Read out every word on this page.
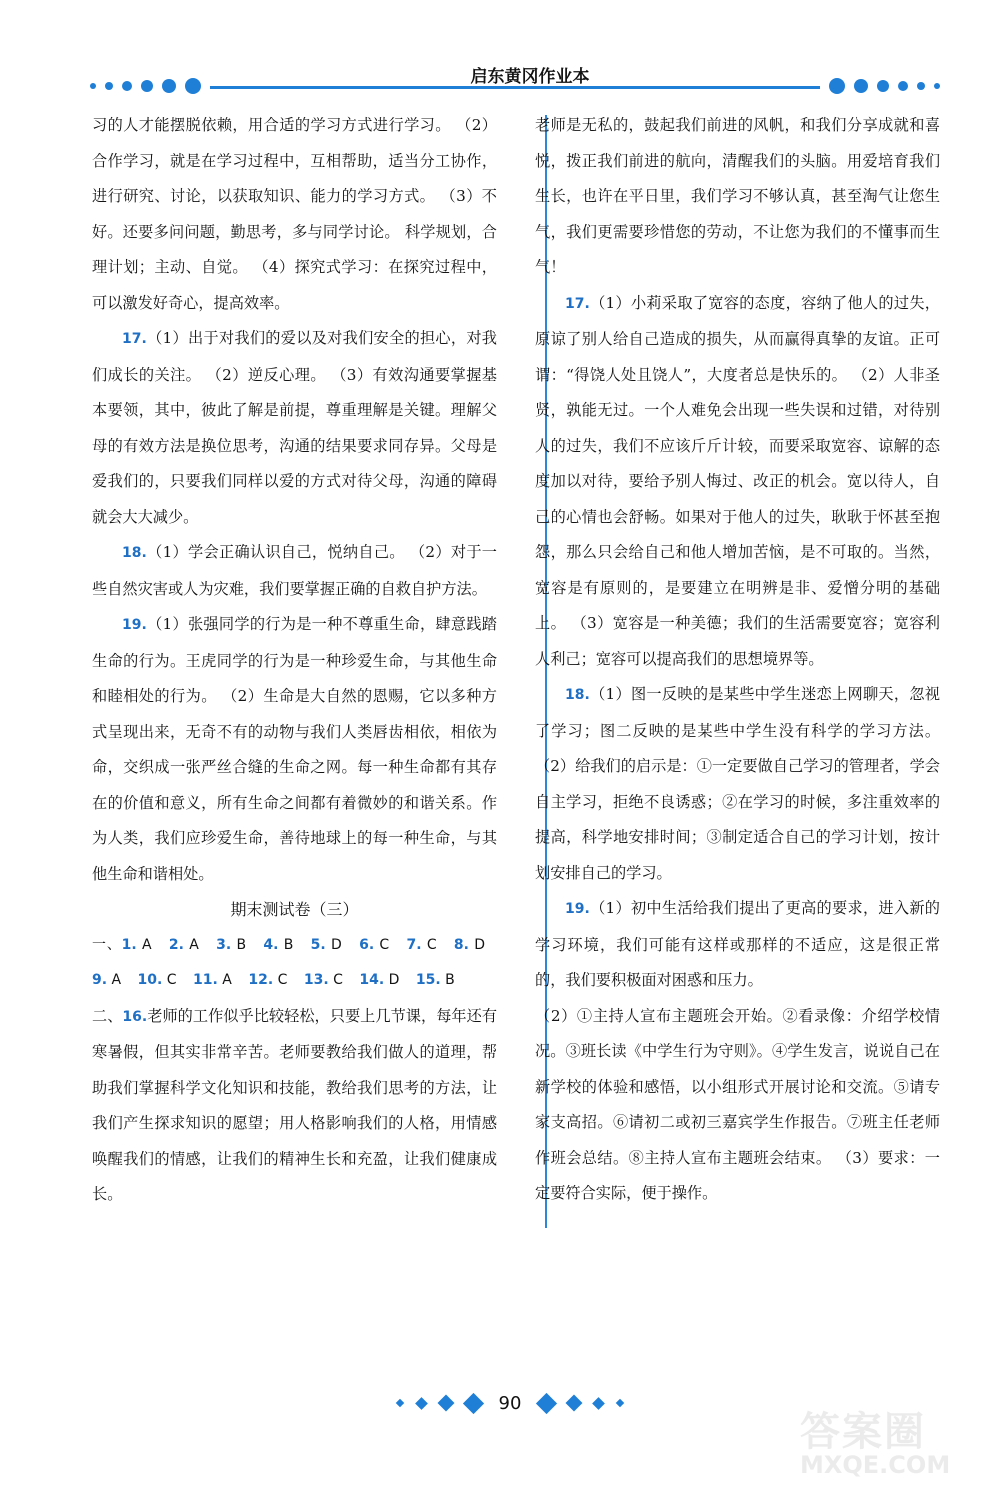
启东黄冈作业本

习的人才能摆脱依赖，用合适的学习方式进行学习。 （2）合作学习，就是在学习过程中，互相帮助，适当分工协作，进行研究、讨论，以获取知识、能力的学习方式。 （3）不好。还要多问问题，勤思考，多与同学讨论。 科学规划，合理计划；主动、自觉。 （4）探究式学习：在探究过程中，可以激发好奇心，提高效率。

17.（1）出于对我们的爱以及对我们安全的担心，对我们成长的关注。 （2）逆反心理。 （3）有效沟通要掌握基本要领，其中，彼此了解是前提，尊重理解是关键。理解父母的有效方法是换位思考，沟通的结果要求同存异。父母是爱我们的，只要我们同样以爱的方式对待父母，沟通的障碍就会大大减少。

18.（1）学会正确认识自己，悦纳自己。 （2）对于一些自然灾害或人为灾难，我们要掌握正确的自救自护方法。

19.（1）张强同学的行为是一种不尊重生命，肆意践踏生命的行为。王虎同学的行为是一种珍爱生命，与其他生命和睦相处的行为。 （2）生命是大自然的恩赐，它以多种方式呈现出来，无奇不有的动物与我们人类唇齿相依，相依为命，交织成一张严丝合缝的生命之网。每一种生命都有其存在的价值和意义，所有生命之间都有着微妙的和谐关系。作为人类，我们应珍爱生命，善待地球上的每一种生命，与其他生命和谐相处。

期末测试卷（三）

一、1. A 2. A 3. B 4. B 5. D 6. C 7. C 8. D 9. A 10. C 11. A 12. C 13. C 14. D 15. B

二、16.老师的工作似乎比较轻松，只要上几节课，每年还有寒暑假，但其实非常辛苦。老师要教给我们做人的道理，帮助我们掌握科学文化知识和技能，教给我们思考的方法，让我们产生探求知识的愿望；用人格影响我们的人格，用情感唤醒我们的情感，让我们的精神生长和充盈，让我们健康成长。

老师是无私的，鼓起我们前进的风帆，和我们分享成就和喜悦，拨正我们前进的航向，清醒我们的头脑。用爱培育我们生长，也许在平日里，我们学习不够认真，甚至淘气让您生气，我们更需要珍惜您的劳动，不让您为我们的不懂事而生气！

17.（1）小莉采取了宽容的态度，容纳了他人的过失，原谅了别人给自己造成的损失，从而赢得真挚的友谊。正可谓：“得饶人处且饶人”，大度者总是快乐的。 （2）人非圣贤，孰能无过。一个人难免会出现一些失误和过错，对待别人的过失，我们不应该斤斤计较，而要采取宽容、谅解的态度加以对待，要给予别人悔过、改正的机会。宽以待人，自己的心情也会舒畅。如果对于他人的过失，耿耿于怀甚至抱怨，那么只会给自己和他人增加苦恼，是不可取的。当然，宽容是有原则的，是要建立在明辨是非、爱憎分明的基础上。 （3）宽容是一种美德；我们的生活需要宽容；宽容利人利己；宽容可以提高我们的思想境界等。

18.（1）图一反映的是某些中学生迷恋上网聊天，忽视了学习；图二反映的是某些中学生没有科学的学习方法。 （2）给我们的启示是：①一定要做自己学习的管理者，学会自主学习，拒绝不良诱惑；②在学习的时候，多注重效率的提高，科学地安排时间；③制定适合自己的学习计划，按计划安排自己的学习。

19.（1）初中生活给我们提出了更高的要求，进入新的学习环境，我们可能有这样或那样的不适应，这是很正常的，我们要积极面对困惑和压力。

（2）①主持人宣布主题班会开始。②看录像：介绍学校情况。③班长读《中学生行为守则》。④学生发言，说说自己在新学校的体验和感悟，以小组形式开展讨论和交流。⑤请专家支高招。⑥请初二或初三嘉宾学生作报告。⑦班主任老师作班会总结。⑧主持人宣布主题班会结束。 （3）要求：一定要符合实际，便于操作。

90
答案圈
MXQE.COM
